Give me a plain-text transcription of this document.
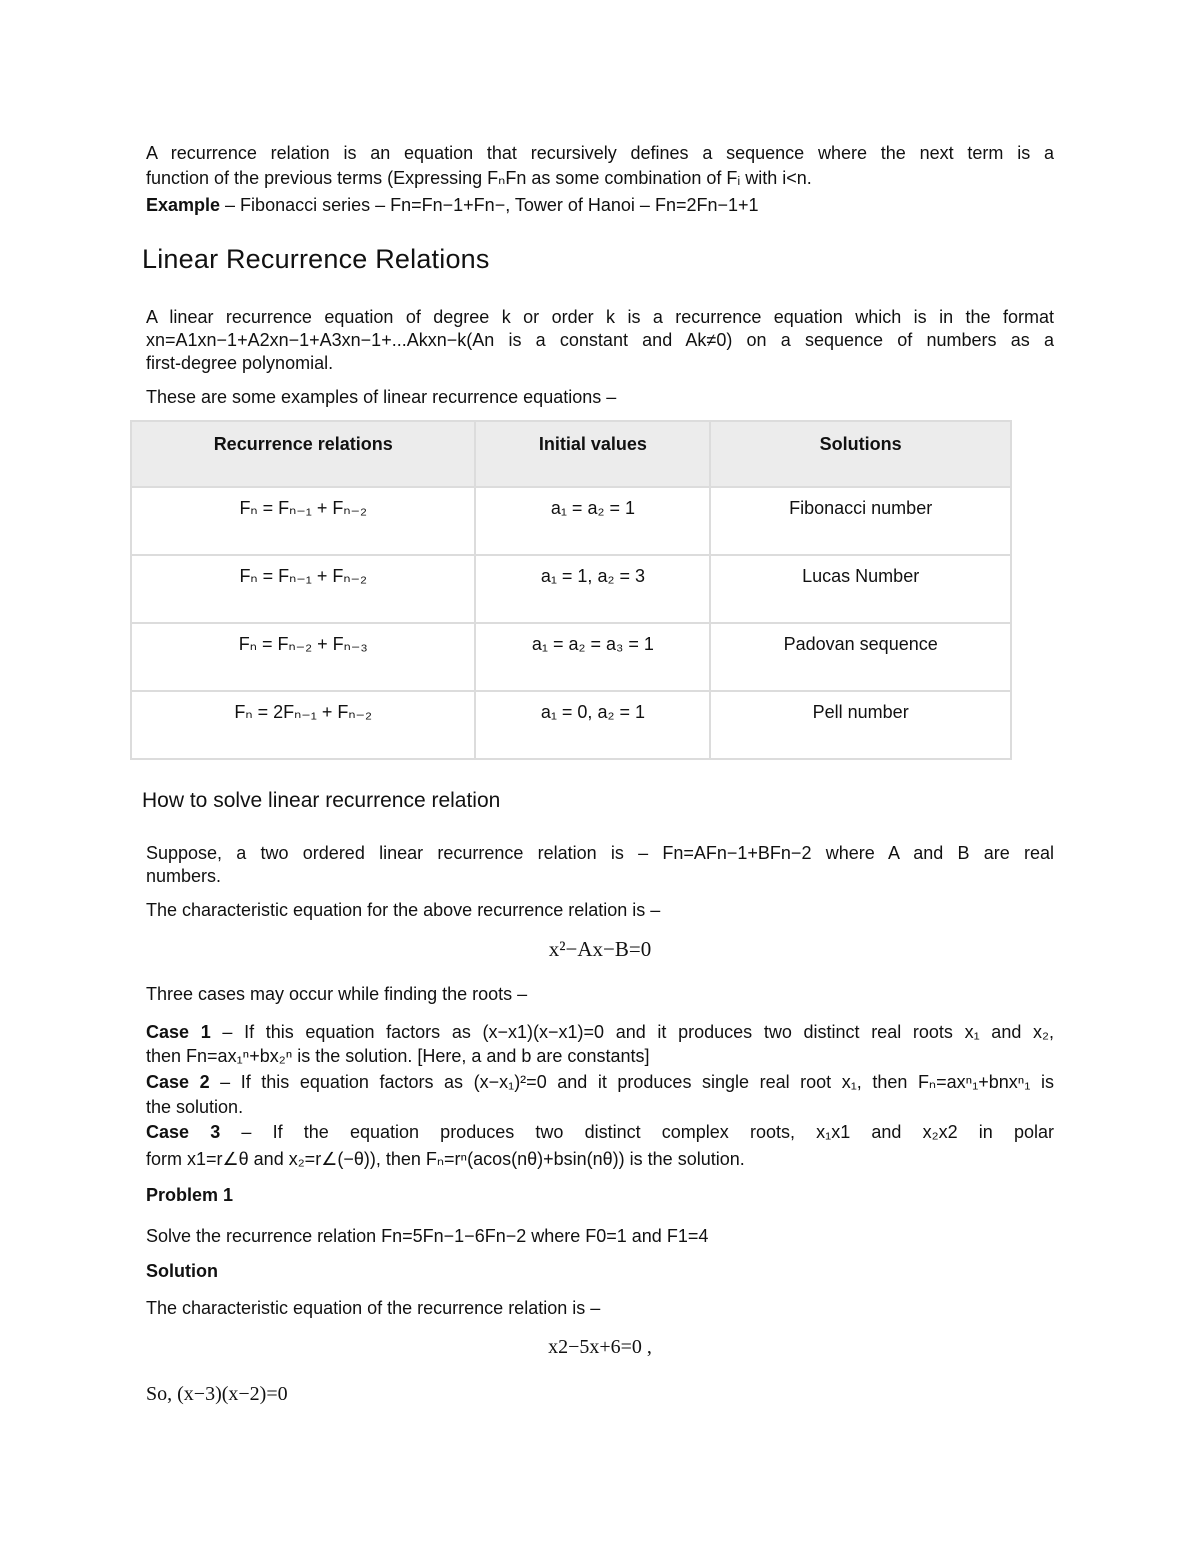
A recurrence relation is an equation that recursively defines a sequence where the next term is a
function of the previous terms (Expressing FₙFn as some combination of Fᵢ with i<n.
Example – Fibonacci series – Fn=Fn−1+Fn−, Tower of Hanoi – Fn=2Fn−1+1
Linear Recurrence Relations
A linear recurrence equation of degree k or order k is a recurrence equation which is in the format
xn=A1xn−1+A2xn−1+A3xn−1+...Akxn−k(An is a constant and Ak≠0) on a sequence of numbers as a
first-degree polynomial.
These are some examples of linear recurrence equations –
Recurrence relations	Initial values	Solutions
Fₙ = Fₙ₋₁ + Fₙ₋₂	a₁ = a₂ = 1	Fibonacci number
Fₙ = Fₙ₋₁ + Fₙ₋₂	a₁ = 1, a₂ = 3	Lucas Number
Fₙ = Fₙ₋₂ + Fₙ₋₃	a₁ = a₂ = a₃ = 1	Padovan sequence
Fₙ = 2Fₙ₋₁ + Fₙ₋₂	a₁ = 0, a₂ = 1	Pell number
How to solve linear recurrence relation
Suppose, a two ordered linear recurrence relation is – Fn=AFn−1+BFn−2 where A and B are real
numbers.
The characteristic equation for the above recurrence relation is –
x²−Ax−B=0
Three cases may occur while finding the roots –
Case 1 – If this equation factors as (x−x1)(x−x1)=0 and it produces two distinct real roots x₁ and x₂,
then Fn=ax₁ⁿ+bx₂ⁿ is the solution. [Here, a and b are constants]
Case 2 – If this equation factors as (x−x₁)²=0 and it produces single real root x₁, then Fₙ=axⁿ₁+bnxⁿ₁ is
the solution.
Case 3 – If the equation produces two distinct complex roots, x₁x1 and x₂x2 in polar
form x1=r∠θ and x₂=r∠(−θ)), then Fₙ=rⁿ(acos(nθ)+bsin(nθ)) is the solution.
Problem 1
Solve the recurrence relation Fn=5Fn−1−6Fn−2 where F0=1 and F1=4
Solution
The characteristic equation of the recurrence relation is –
x2−5x+6=0 ,
So, (x−3)(x−2)=0
